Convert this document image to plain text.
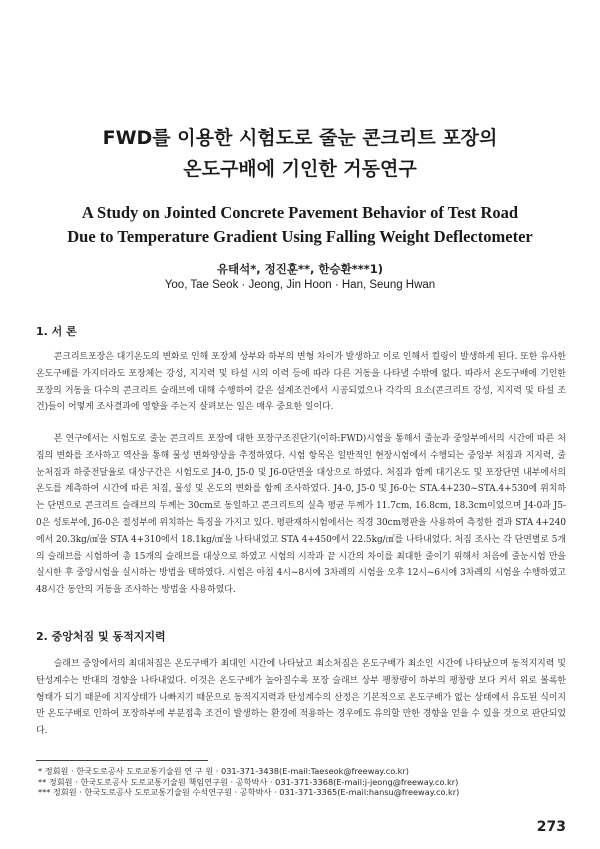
FWD를 이용한 시험도로 줄눈 콘크리트 포장의
온도구배에 기인한 거동연구
A Study on Jointed Concrete Pavement Behavior of Test Road
Due to Temperature Gradient Using Falling Weight Deflectometer

유태석*, 정진훈**, 한승환***1)

Yoo, Tae Seok · Jeong, Jin Hoon · Han, Seung Hwan

1. 서 론

콘크리트포장은 대기온도의 변화로 인해 포장체 상부와 하부의 변형 차이가 발생하고 이로 인해서 컬링이 발생하게 된다. 또한 유사한 온도구배를 가지더라도 포장체는 강성, 지지력 및 타설 시의 이력 등에 따라 다른 거동을 나타낼 수밖에 없다. 따라서 온도구배에 기인한 포장의 거동을 다수의 콘크리트 슬래브에 대해 수행하여 같은 설계조건에서 시공되었으나 각각의 요소(콘크리트 강성, 지지력 및 타설 조건)들이 어떻게 조사결과에 영향을 주는지 살펴보는 일은 매우 중요한 일이다.

본 연구에서는 시험도로 줄눈 콘크리트 포장에 대한 포장구조진단기(이하:FWD)시험을 통해서 줄눈과 중앙부에서의 시간에 따른 처짐의 변화를 조사하고 역산을 통해 물성 변화양상을 추정하였다. 시험 항목은 일반적인 현장시험에서 수행되는 중앙부 처짐과 지지력, 줄눈처짐과 하중전달율로 대상구간은 시험도로 J4-0, J5-0 및 J6-0단면을 대상으로 하였다. 처짐과 함께 대기온도 및 포장단면 내부에서의 온도를 계측하여 시간에 따른 처짐, 물성 및 온도의 변화를 함께 조사하였다. J4-0, J5-0 및 J6-0는 STA.4+230~STA.4+530에 위치하는 단면으로 콘크리트 슬래브의 두께는 30cm로 동일하고 콘크리트의 실측 평균 두께가 11.7cm, 16.8cm, 18.3cm이었으며 J4-0과 J5-0은 성토부에, J6-0은 절성부에 위치하는 특징을 가지고 있다. 평판재하시험에서는 직경 30cm평판을 사용하여 측정한 결과 STA 4+240에서 20.3kg/㎤을 STA 4+310에서 18.1kg/㎤을 나타내었고 STA 4+450에서 22.5kg/㎤를 나타내었다. 처짐 조사는 각 단면별로 5개의 슬래브를 시험하여 총 15개의 슬래브를 대상으로 하였고 시험의 시작과 끝 시간의 차이를 최대한 줄이기 위해서 처음에 줄눈시험 만을 실시한 후 중앙시험을 실시하는 방법을 택하였다. 시험은 아침 4시~8시에 3차례의 시험을 오후 12시~6시에 3차례의 시험을 수행하였고 48시간 동안의 거동을 조사하는 방법을 사용하였다.

2. 중앙처짐 및 동적지지력

슬래브 중앙에서의 최대처짐은 온도구배가 최대인 시간에 나타났고 최소처짐은 온도구배가 최소인 시간에 나타났으며 동적지지력 및 탄성계수는 반대의 경향을 나타내었다. 이것은 온도구배가 높아질수록 포장 슬래브 상부 팽창량이 하부의 팽창량 보다 커서 위로 볼록한 형태가 되기 때문에 지지상태가 나빠지기 때문으로 동적지지력과 탄성계수의 산정은 기본적으로 온도구배가 없는 상태에서 유도된 식이지만 온도구배로 인하여 포장하부에 부분접촉 조건이 발생하는 환경에 적용하는 경우에도 유의할 만한 경향을 얻을 수 있을 것으로 판단되었다.

* 정회원 · 한국도로공사 도로교통기술원 연 구 원 · 031-371-3438(E-mail:Taeseok@freeway.co.kr)
** 정회원 · 한국도로공사 도로교통기술원 책임연구원 · 공학박사 · 031-371-3368(E-mail:j-jeong@freeway.co.kr)
*** 정회원 · 한국도로공사 도로교통기술원 수석연구원 · 공학박사 · 031-371-3365(E-mail:hansu@freeway.co.kr)

273
